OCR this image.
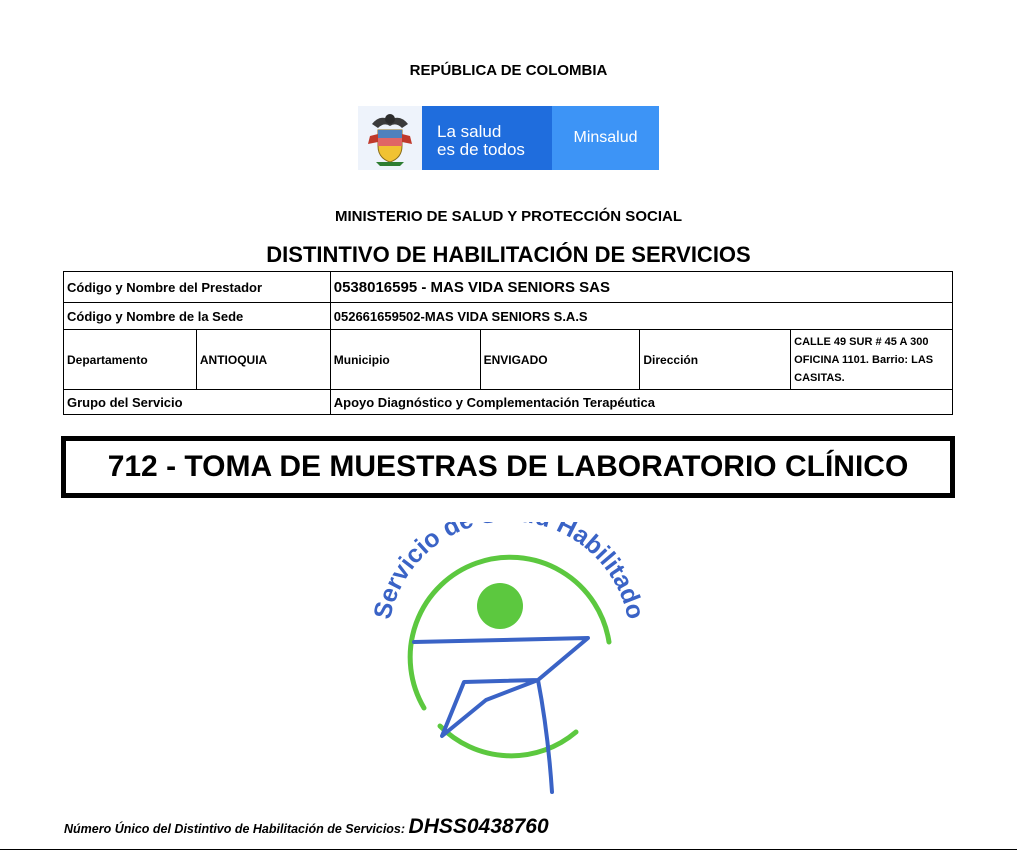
REPÚBLICA DE COLOMBIA
La salud
es de todos
Minsalud
MINISTERIO DE SALUD Y PROTECCIÓN SOCIAL
DISTINTIVO DE HABILITACIÓN DE SERVICIOS
Código y Nombre del Prestador		0538016595 - MAS VIDA SENIORS SAS			
Código y Nombre de la Sede		052661659502-MAS VIDA SENIORS S.A.S			
Departamento	ANTIOQUIA	Municipio	ENVIGADO	Dirección	CALLE 49 SUR # 45 A 300 OFICINA 1101. Barrio: LAS CASITAS.
Grupo del Servicio		Apoyo Diagnóstico y Complementación Terapéutica			
712 - TOMA DE MUESTRAS DE LABORATORIO CLÍNICO
Servicio d Habilitado
Número Único del Distintivo de Habilitación de Servicios: DHSS0438760
